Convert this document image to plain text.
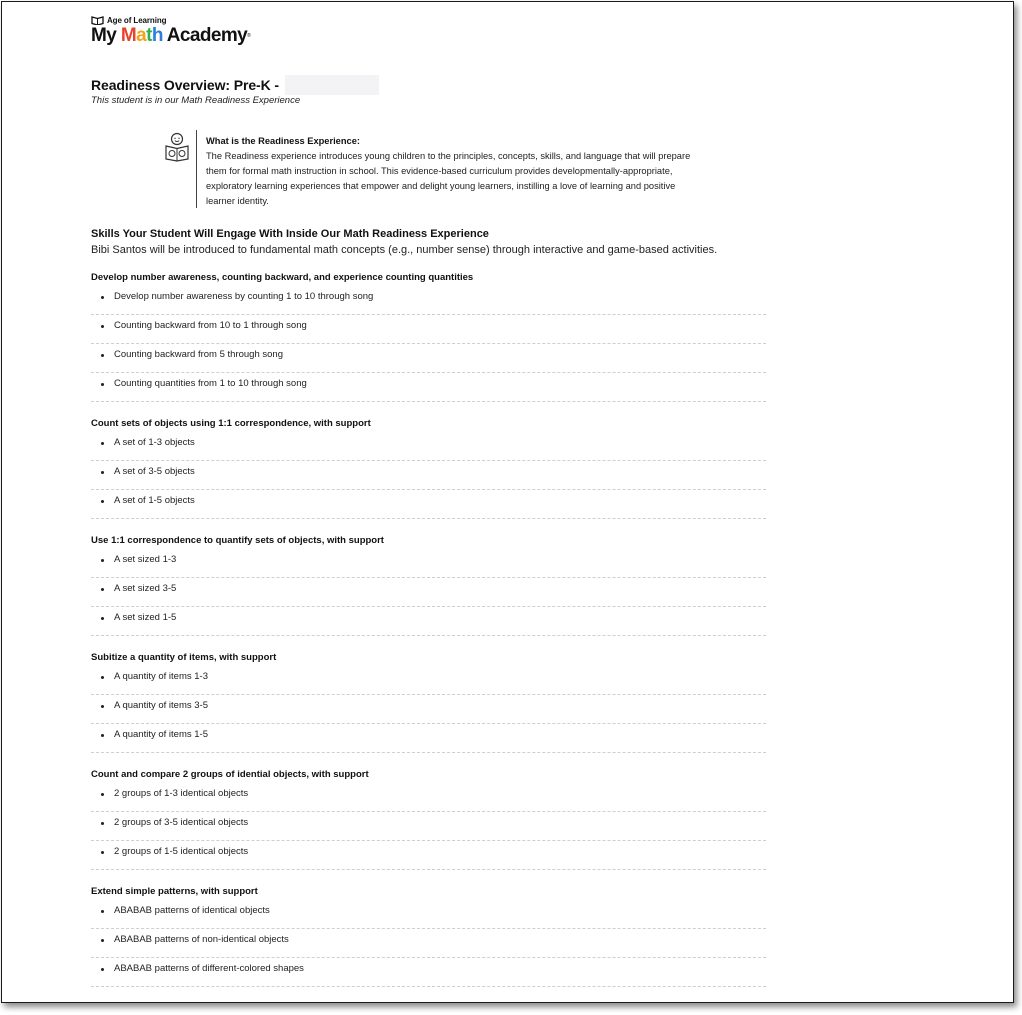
Age of Learning
My Math Academy®
Readiness Overview: Pre-K -
This student is in our Math Readiness Experience
What is the Readiness Experience:
The Readiness experience introduces young children to the principles, concepts, skills, and language that will prepare them for formal math instruction in school. This evidence-based curriculum provides developmentally-appropriate, exploratory learning experiences that empower and delight young learners, instilling a love of learning and positive learner identity.
Skills Your Student Will Engage With Inside Our Math Readiness Experience
Bibi Santos will be introduced to fundamental math concepts (e.g., number sense) through interactive and game-based activities.
Develop number awareness, counting backward, and experience counting quantities
Develop number awareness by counting 1 to 10 through song
Counting backward from 10 to 1 through song
Counting backward from 5 through song
Counting quantities from 1 to 10 through song
Count sets of objects using 1:1 correspondence, with support
A set of 1-3 objects
A set of 3-5 objects
A set of 1-5 objects
Use 1:1 correspondence to quantify sets of objects, with support
A set sized 1-3
A set sized 3-5
A set sized 1-5
Subitize a quantity of items, with support
A quantity of items 1-3
A quantity of items 3-5
A quantity of items 1-5
Count and compare 2 groups of idential objects, with support
2 groups of 1-3 identical objects
2 groups of 3-5 identical objects
2 groups of 1-5 identical objects
Extend simple patterns, with support
ABABAB patterns of identical objects
ABABAB patterns of non-identical objects
ABABAB patterns of different-colored shapes
